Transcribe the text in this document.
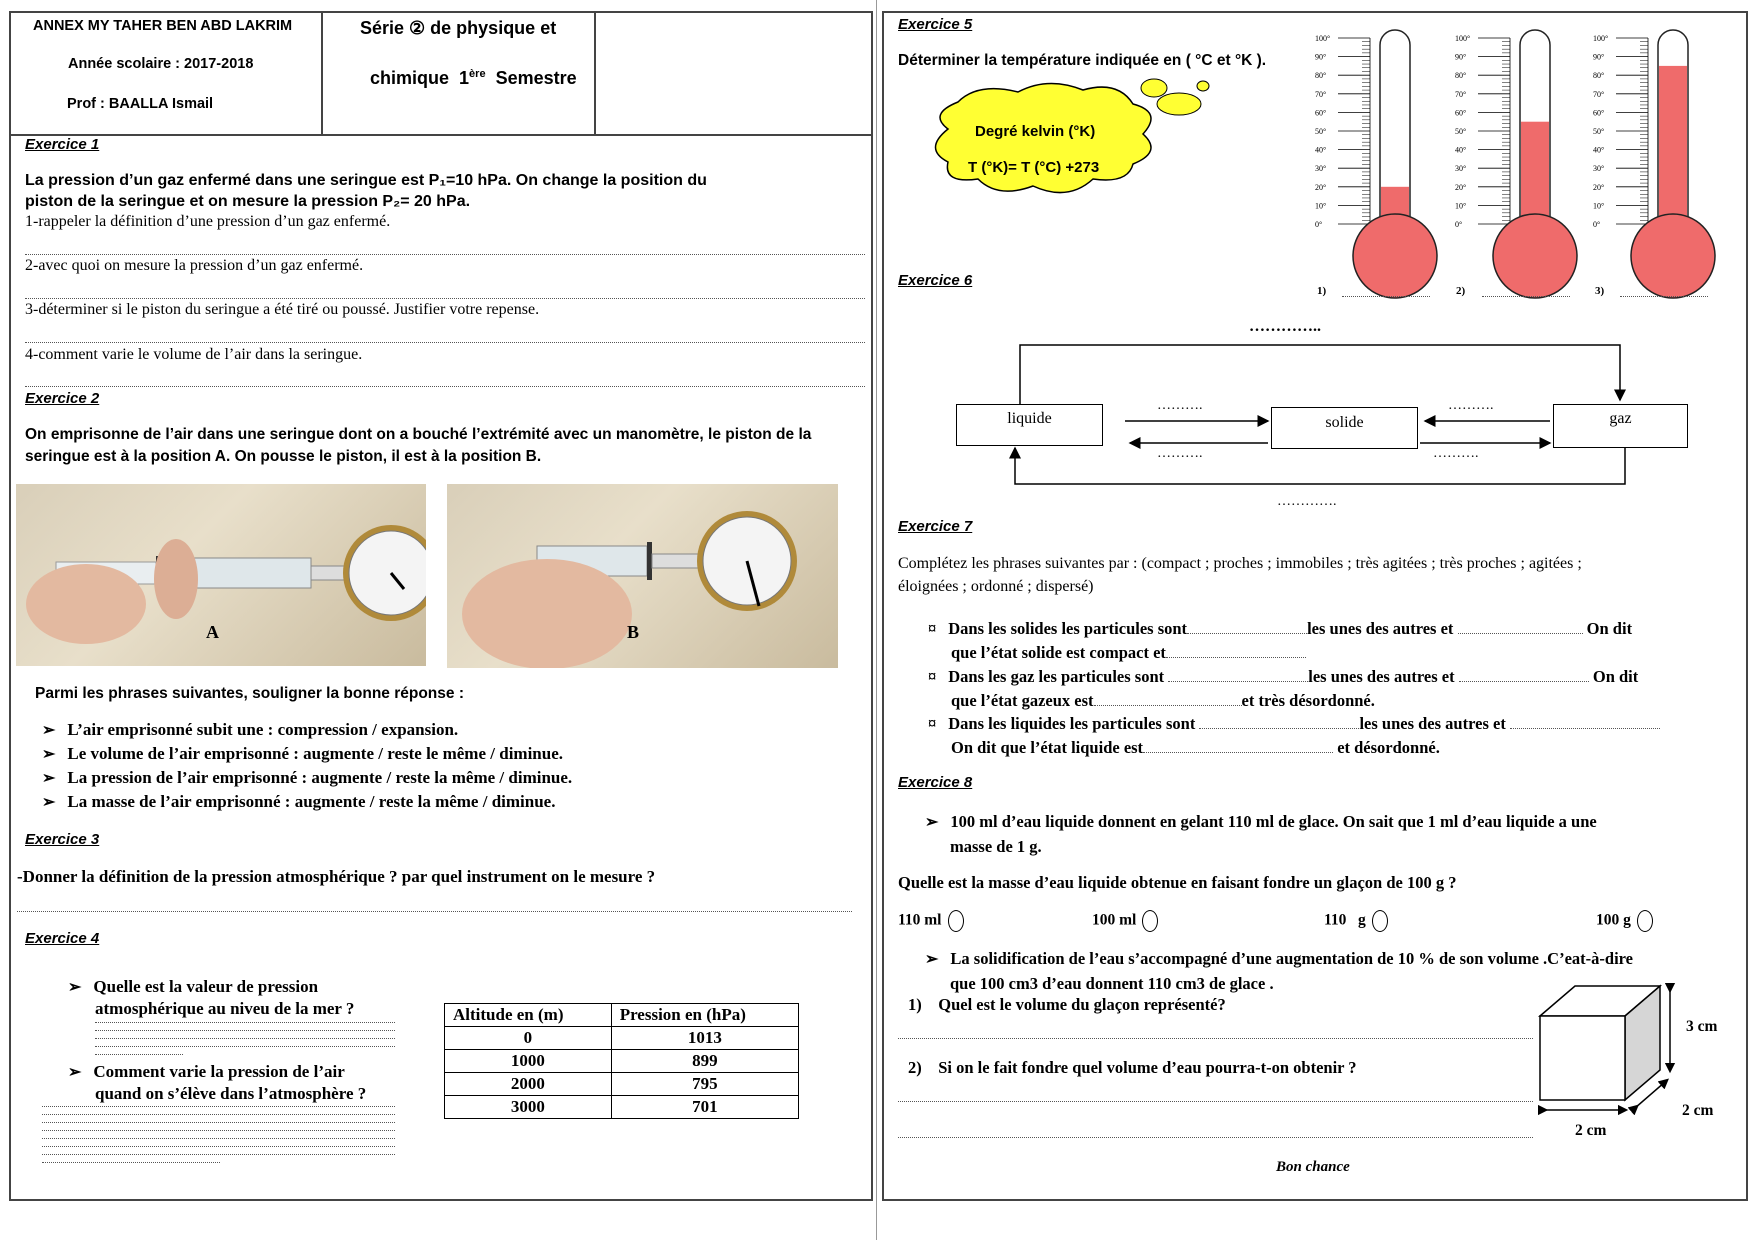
ANNEX MY TAHER BEN ABD LAKRIM
Année scolaire : 2017-2018
Prof : BAALLA Ismail
Série ② de physique et

chimique  1ère  Semestre

Exercice 1
La pression d’un gaz enfermé dans une seringue est P₁=10 hPa. On change la position du
piston de la seringue et on mesure la pression P₂= 20 hPa.
1-rappeler la définition d’une pression d’un gaz enfermé.
2-avec quoi on mesure la pression d’un gaz enfermé.
3-déterminer si le piston du seringue a été tiré ou poussé. Justifier votre repense.
4-comment varie le volume de l’air dans la seringue.
Exercice 2
On emprisonne de l’air dans une seringue dont on a bouché l’extrémité avec un manomètre, le piston de la
seringue est à la position A. On pousse le piston, il est à la position B.
A	B
Parmi les phrases suivantes, souligner la bonne réponse :
➢ L’air emprisonné subit une : compression / expansion.
➢ Le volume de l’air emprisonné : augmente / reste le même / diminue.
➢ La pression de l’air emprisonné : augmente / reste la même / diminue.
➢ La masse de l’air emprisonné : augmente / reste la même / diminue.
Exercice 3
-Donner la définition de la pression atmosphérique ? par quel instrument on le mesure ?
Exercice 4
➢ Quelle est la valeur de pression
atmosphérique au niveu de la mer ?
➢ Comment varie la pression de l’air
quand on s’élève dans l’atmosphère ?
Altitude en (m)	Pression en (hPa)
0	1013
1000	899
2000	795
3000	701
Exercice 5
Déterminer la température indiquée en ( °C et °K ).
Degré kelvin (°K)
T (°K)= T (°C) +273
100°
90°
80°
70°
60°
50°
40°
30°
20°
10°
0°
100°
90°
80°
70°
60°
50°
40°
30°
20°
10°
0°
100°
90°
80°
70°
60°
50°
40°
30°
20°
10°
0°
1)	2)	3)
Exercice 6
…………..
liquide	solide	gaz
……….
……….
……….
……….
………….
Exercice 7
Complétez les phrases suivantes par : (compact ; proches ; immobiles ; très agitées ; très proches ; agitées ;
éloignées ; ordonné ; dispersé)
¤ Dans les solides les particules sont	les unes des autres et	On dit
que l’état solide est compact et
¤ Dans les gaz les particules sont	les unes des autres et	On dit
que l’état gazeux est	et très désordonné.
¤ Dans les liquides les particules sont	les unes des autres et
On dit que l’état liquide est	et désordonné.
Exercice 8
➢ 100 ml d’eau liquide donnent en gelant 110 ml de glace. On sait que 1 ml d’eau liquide a une
masse de 1 g.
Quelle est la masse d’eau liquide obtenue en faisant fondre un glaçon de 100 g ?
110 ml	100 ml	110   g	100 g
➢ La solidification de l’eau s’accompagné d’une augmentation de 10 % de son volume .C’eat-à-dire
que 100 cm3 d’eau donnent 110 cm3 de glace .
1)    Quel est le volume du glaçon représenté?
2)    Si on le fait fondre quel volume d’eau pourra-t-on obtenir ?
3 cm
2 cm
2 cm
Bon chance
